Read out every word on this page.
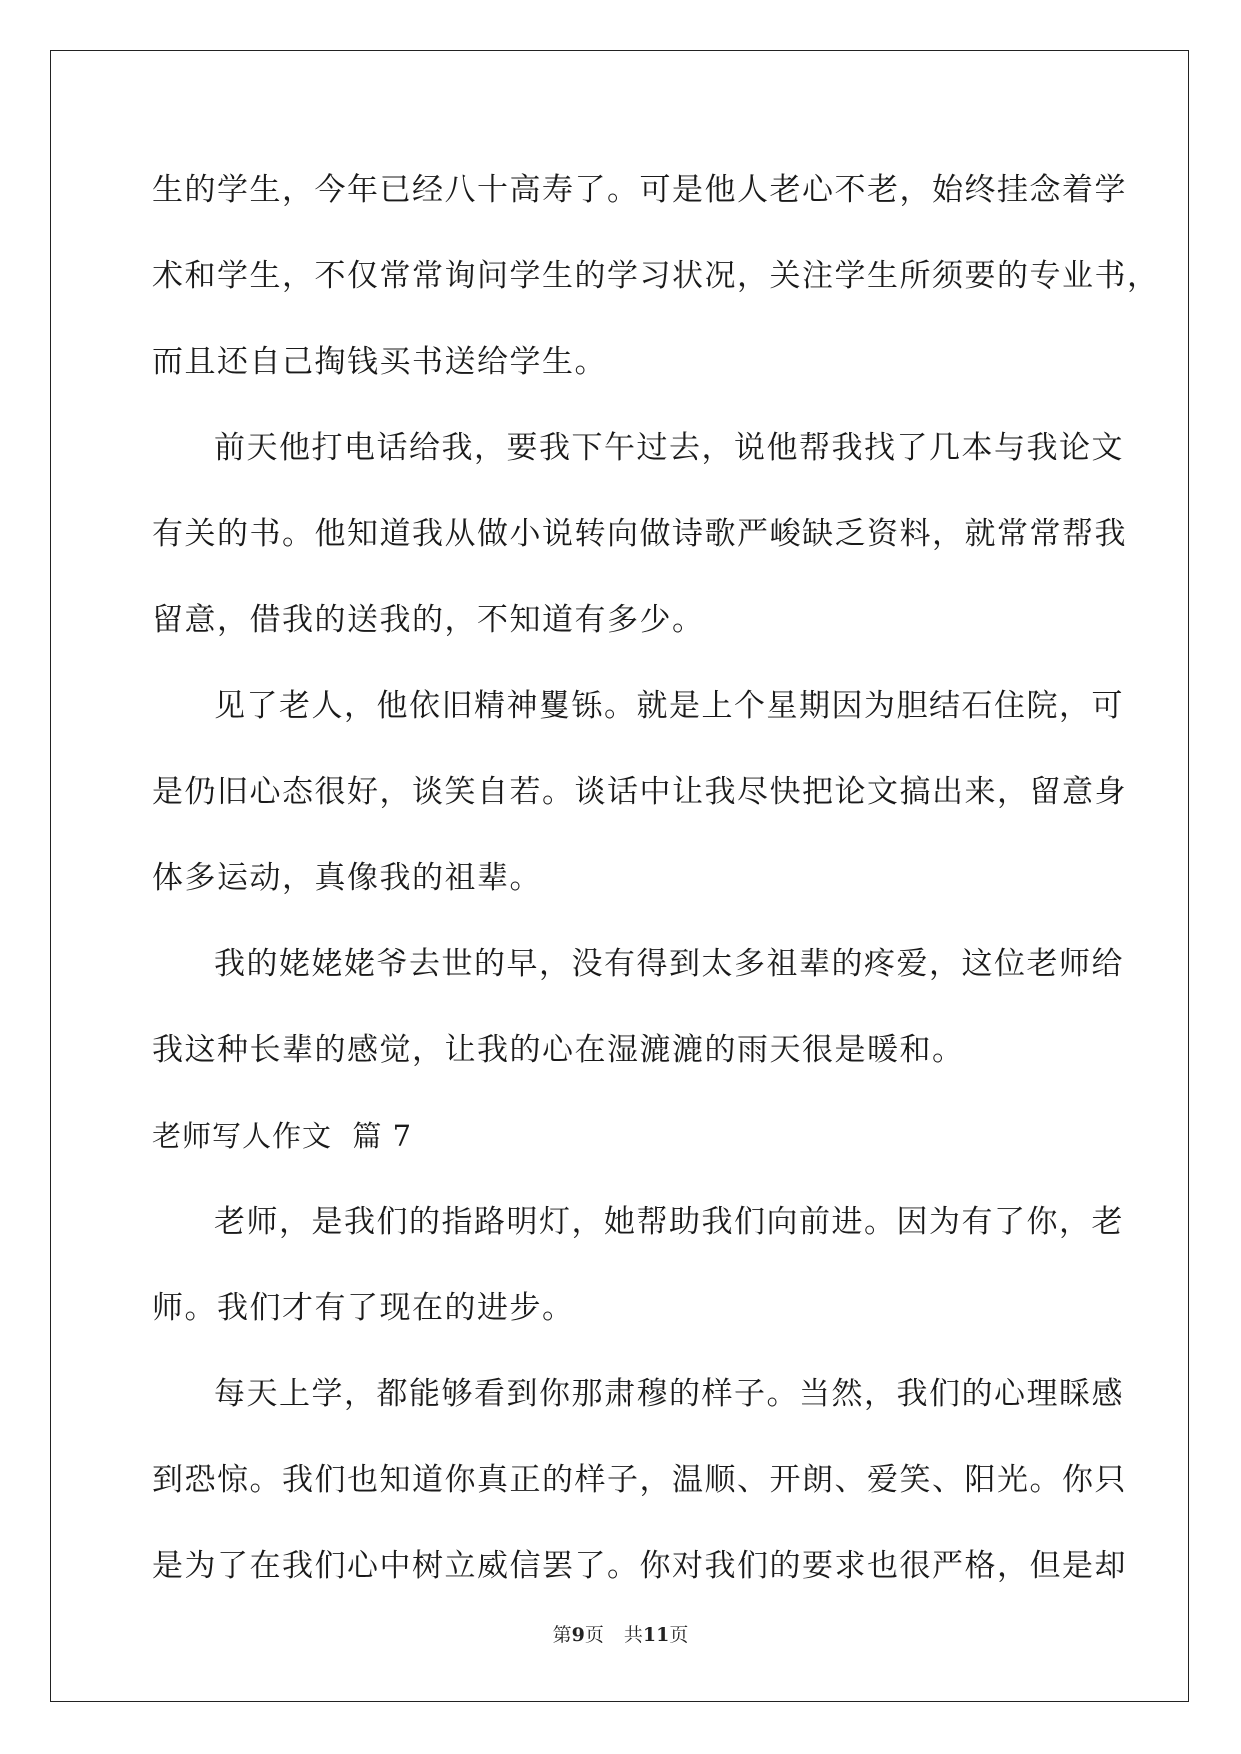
生的学生，今年已经八十高寿了。可是他人老心不老，始终挂念着学
术和学生，不仅常常询问学生的学习状况，关注学生所须要的专业书，
而且还自己掏钱买书送给学生。
前天他打电话给我，要我下午过去，说他帮我找了几本与我论文
有关的书。他知道我从做小说转向做诗歌严峻缺乏资料，就常常帮我
留意，借我的送我的，不知道有多少。
见了老人，他依旧精神矍铄。就是上个星期因为胆结石住院，可
是仍旧心态很好，谈笑自若。谈话中让我尽快把论文搞出来，留意身
体多运动，真像我的祖辈。
我的姥姥姥爷去世的早，没有得到太多祖辈的疼爱，这位老师给
我这种长辈的感觉，让我的心在湿漉漉的雨天很是暖和。
老师写人作文  篇 7
老师，是我们的指路明灯，她帮助我们向前进。因为有了你，老
师。我们才有了现在的进步。
每天上学，都能够看到你那肃穆的样子。当然，我们的心理睬感
到恐惊。我们也知道你真正的样子，温顺、开朗、爱笑、阳光。你只
是为了在我们心中树立威信罢了。你对我们的要求也很严格，但是却
第9页 共11页
